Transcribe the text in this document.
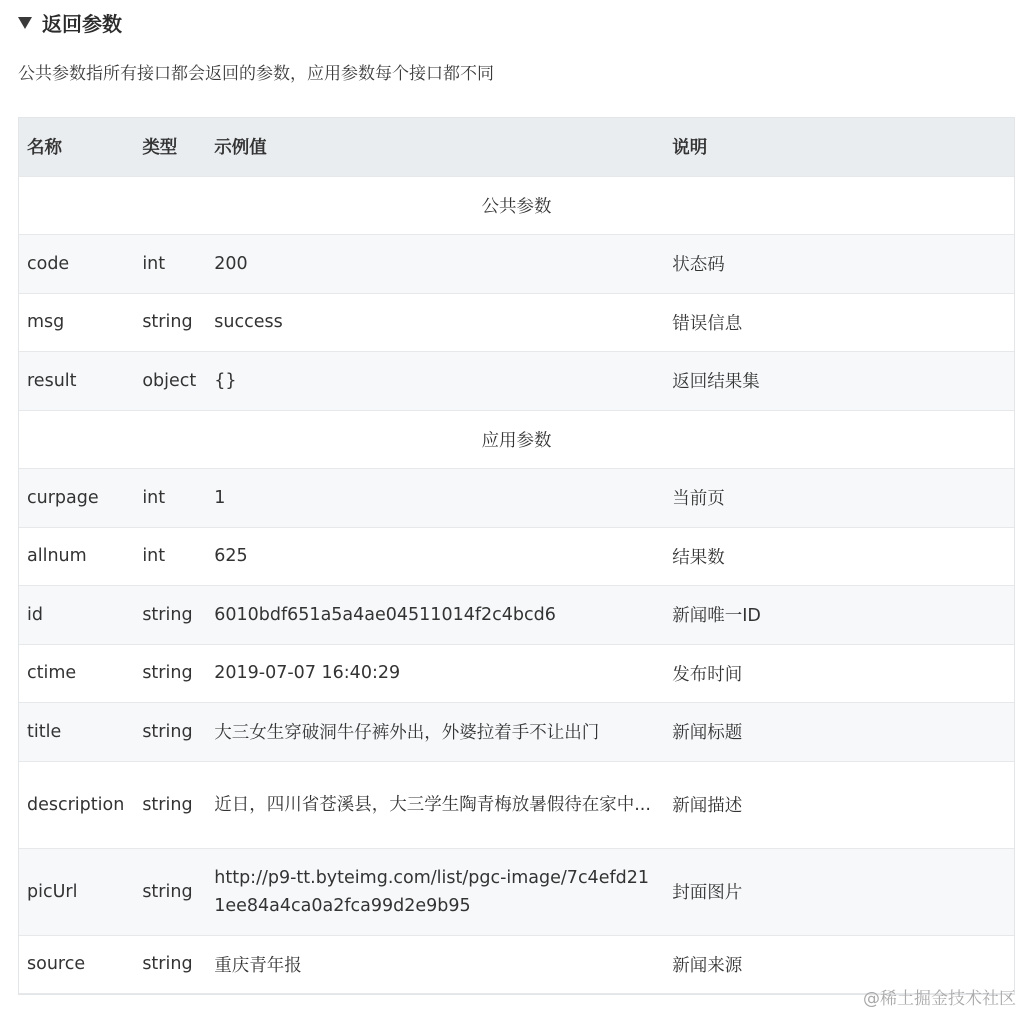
返回参数
公共参数指所有接口都会返回的参数，应用参数每个接口都不同
名称	类型	示例值	说明
公共参数			
code	int	200	状态码
msg	string	success	错误信息
result	object	{}	返回结果集
应用参数			
curpage	int	1	当前页
allnum	int	625	结果数
id	string	6010bdf651a5a4ae04511014f2c4bcd6	新闻唯一ID
ctime	string	2019-07-07 16:40:29	发布时间
title	string	大三女生穿破洞牛仔裤外出，外婆拉着手不让出门	新闻标题
description	string	近日，四川省苍溪县，大三学生陶青梅放暑假待在家中...	新闻描述
picUrl	string	http://p9-tt.byteimg.com/list/pgc-image/7c4efd211ee84a4ca0a2fca99d2e9b95	封面图片
source	string	重庆青年报	新闻来源
@稀土掘金技术社区
